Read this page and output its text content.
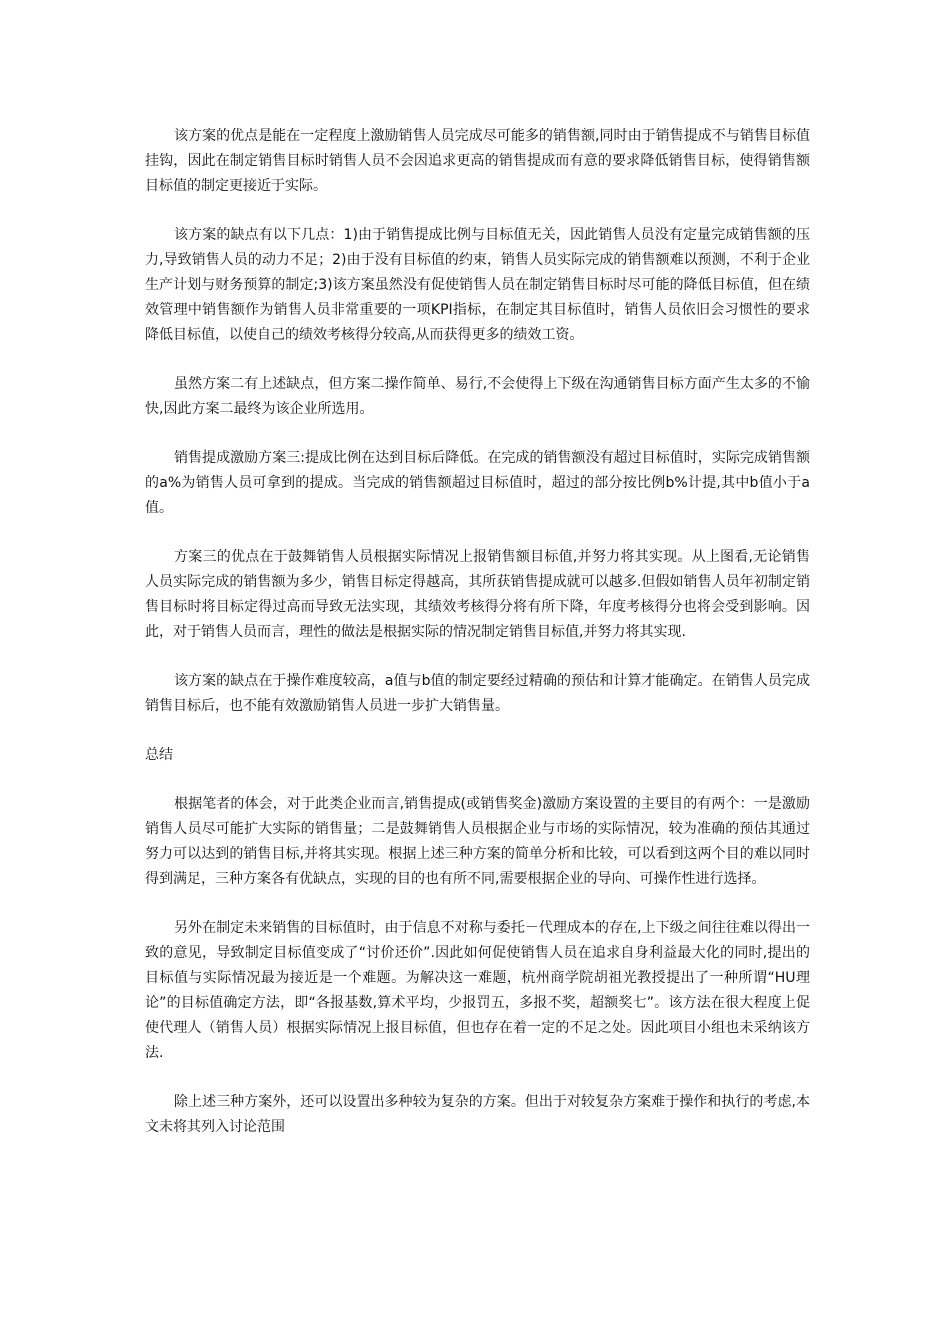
该方案的优点是能在一定程度上激励销售人员完成尽可能多的销售额,同时由于销售提成不与销售目标值挂钩，因此在制定销售目标时销售人员不会因追求更高的销售提成而有意的要求降低销售目标，使得销售额目标值的制定更接近于实际。

该方案的缺点有以下几点：1)由于销售提成比例与目标值无关，因此销售人员没有定量完成销售额的压力,导致销售人员的动力不足；2)由于没有目标值的约束，销售人员实际完成的销售额难以预测，不利于企业生产计划与财务预算的制定;3)该方案虽然没有促使销售人员在制定销售目标时尽可能的降低目标值，但在绩效管理中销售额作为销售人员非常重要的一项KPI指标，在制定其目标值时，销售人员依旧会习惯性的要求降低目标值，以使自己的绩效考核得分较高,从而获得更多的绩效工资。

虽然方案二有上述缺点，但方案二操作简单、易行,不会使得上下级在沟通销售目标方面产生太多的不愉快,因此方案二最终为该企业所选用。

销售提成激励方案三:提成比例在达到目标后降低。在完成的销售额没有超过目标值时，实际完成销售额的a%为销售人员可拿到的提成。当完成的销售额超过目标值时，超过的部分按比例b%计提,其中b值小于a值。

方案三的优点在于鼓舞销售人员根据实际情况上报销售额目标值,并努力将其实现。从上图看,无论销售人员实际完成的销售额为多少，销售目标定得越高，其所获销售提成就可以越多.但假如销售人员年初制定销售目标时将目标定得过高而导致无法实现，其绩效考核得分将有所下降，年度考核得分也将会受到影响。因此，对于销售人员而言，理性的做法是根据实际的情况制定销售目标值,并努力将其实现.

该方案的缺点在于操作难度较高，a值与b值的制定要经过精确的预估和计算才能确定。在销售人员完成销售目标后，也不能有效激励销售人员进一步扩大销售量。

总结

根据笔者的体会，对于此类企业而言,销售提成(或销售奖金)激励方案设置的主要目的有两个：一是激励销售人员尽可能扩大实际的销售量；二是鼓舞销售人员根据企业与市场的实际情况，较为准确的预估其通过努力可以达到的销售目标,并将其实现。根据上述三种方案的简单分析和比较，可以看到这两个目的难以同时得到满足，三种方案各有优缺点，实现的目的也有所不同,需要根据企业的导向、可操作性进行选择。

另外在制定未来销售的目标值时，由于信息不对称与委托－代理成本的存在,上下级之间往往难以得出一致的意见，导致制定目标值变成了“讨价还价”.因此如何促使销售人员在追求自身利益最大化的同时,提出的目标值与实际情况最为接近是一个难题。为解决这一难题，杭州商学院胡祖光教授提出了一种所谓“HU理论”的目标值确定方法，即“各报基数,算术平均，少报罚五，多报不奖，超额奖七”。该方法在很大程度上促使代理人（销售人员）根据实际情况上报目标值，但也存在着一定的不足之处。因此项目小组也未采纳该方法.

除上述三种方案外，还可以设置出多种较为复杂的方案。但出于对较复杂方案难于操作和执行的考虑,本文未将其列入讨论范围
